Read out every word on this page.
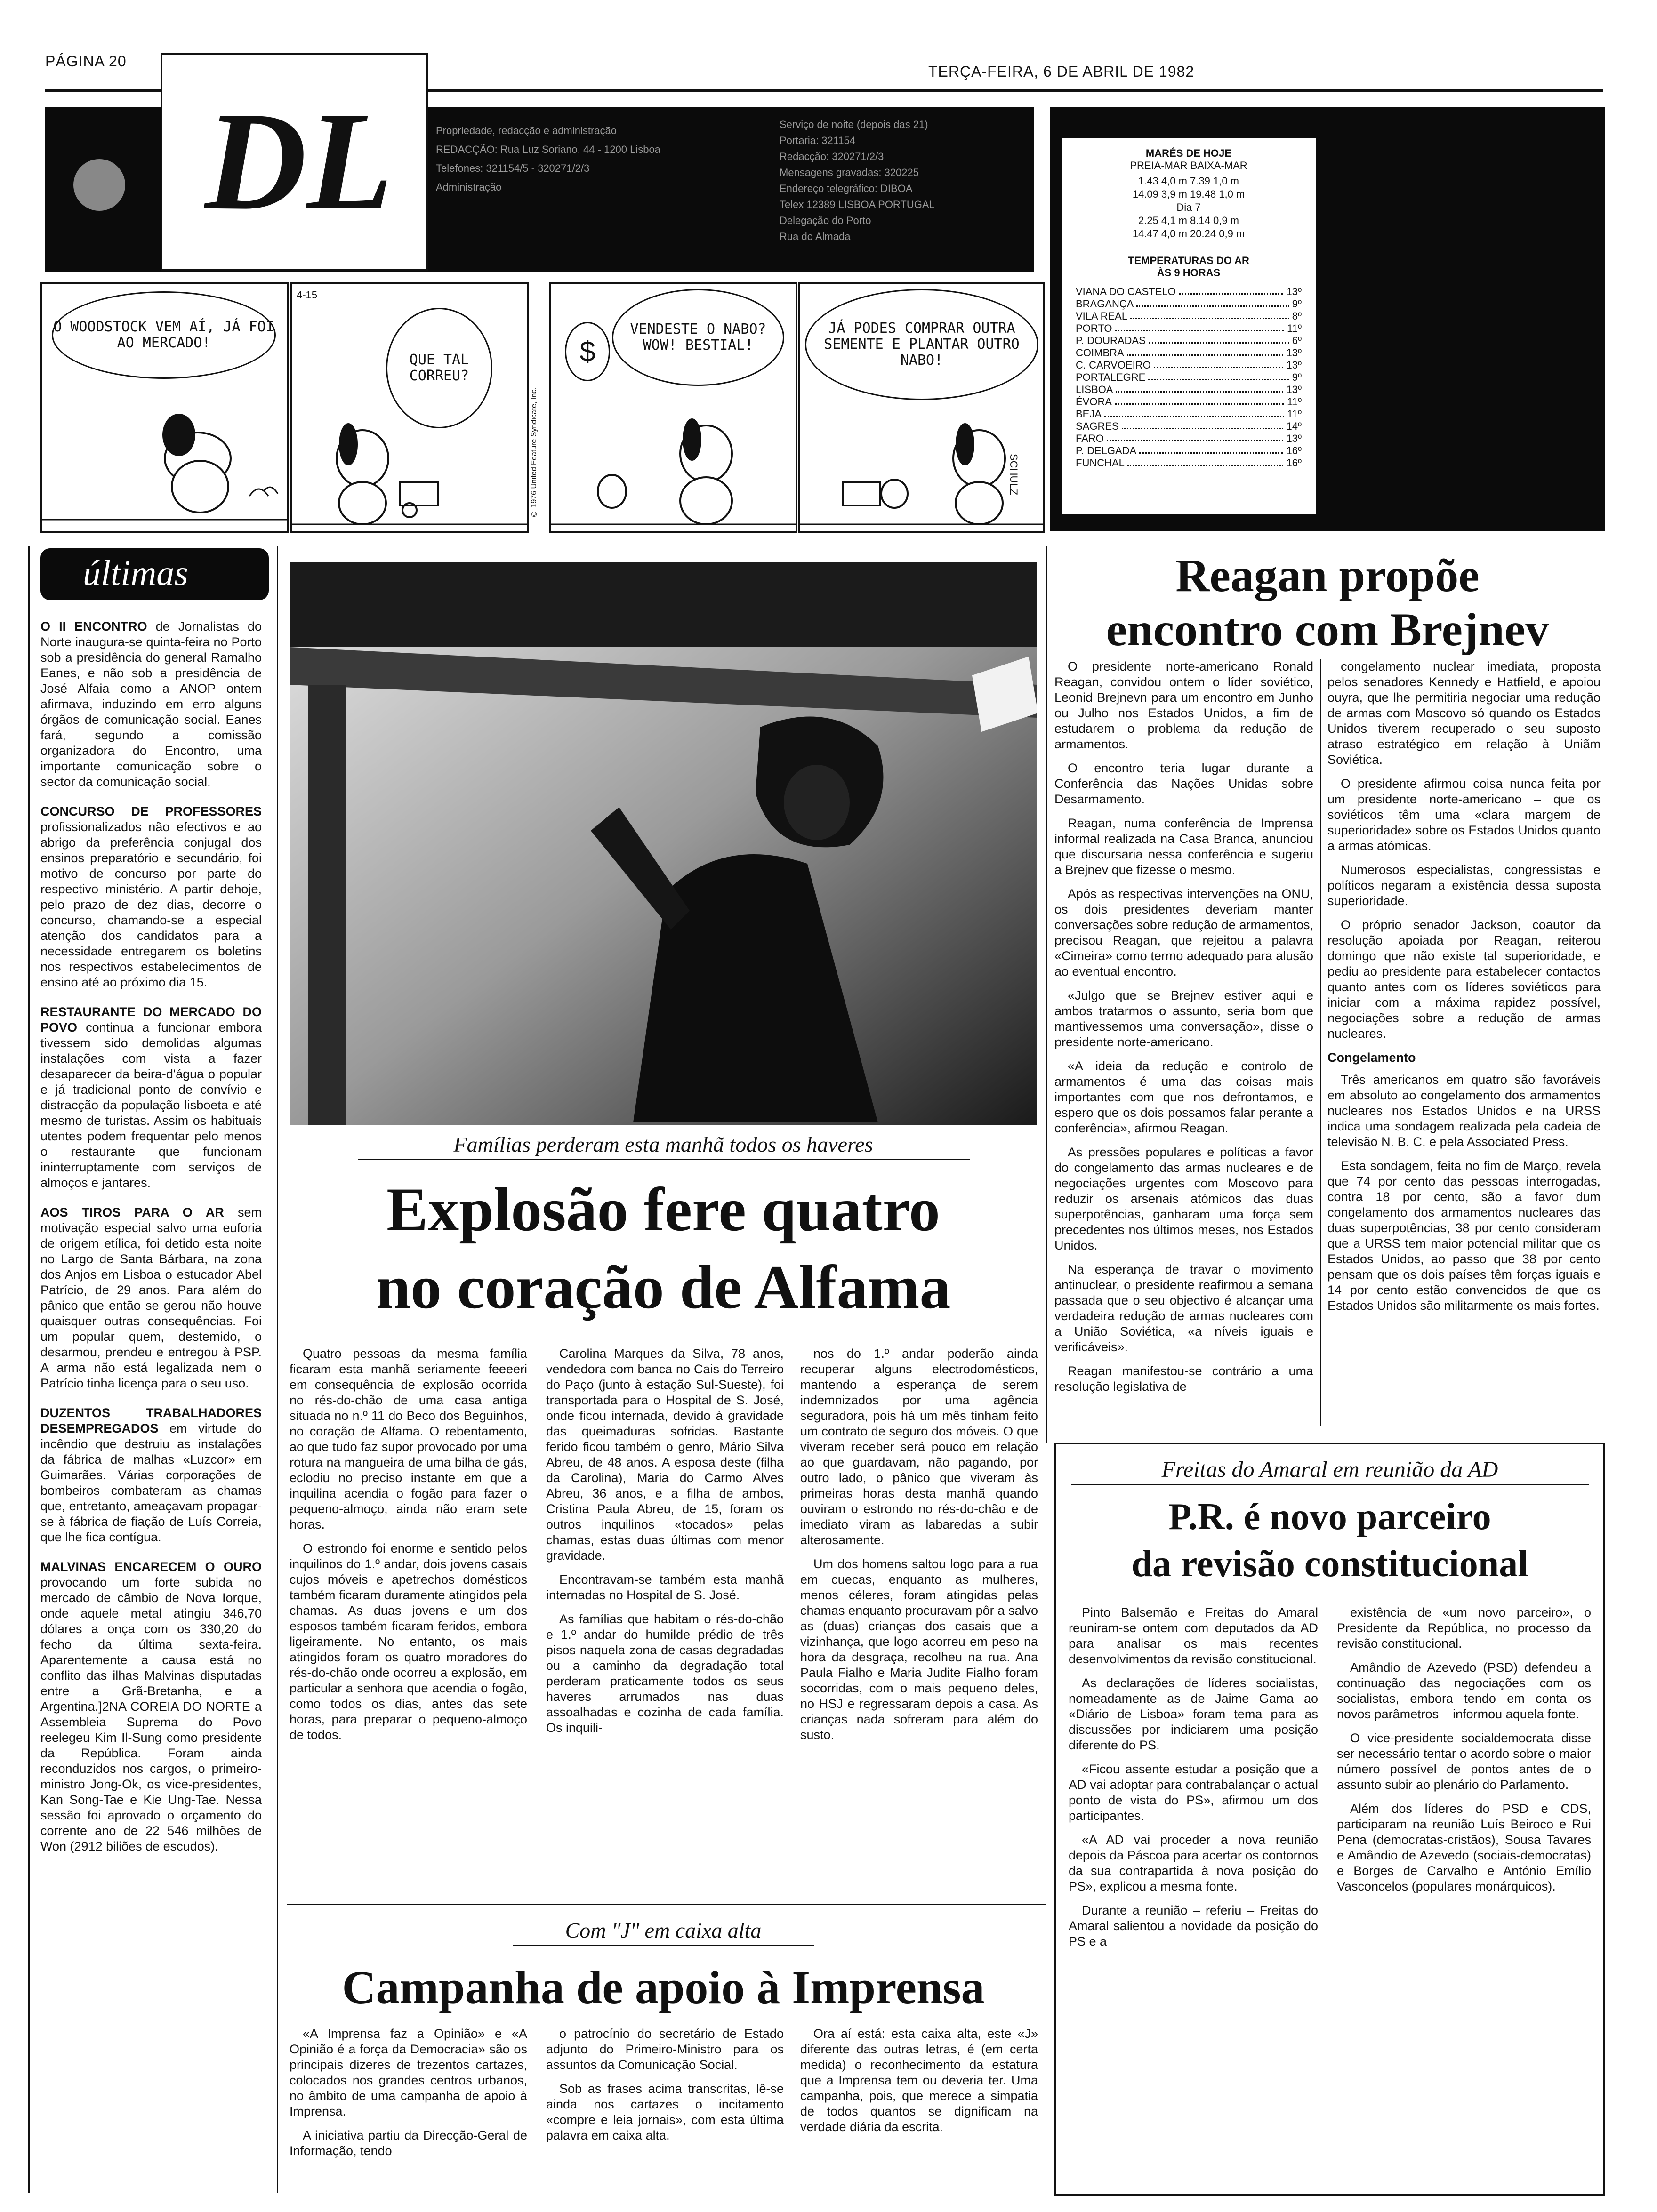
PÁGINA 20
TERÇA-FEIRA, 6 DE ABRIL DE 1982
DL	Propriedade, redacção e administração
REDACÇÃO: Rua Luz Soriano, 44 - 1200 Lisboa
Telefones: 321154/5 - 320271/2/3
Administração
Serviço de noite (depois das 21)
Portaria: 321154
Redacção: 320271/2/3
Mensagens gravadas: 320225
Endereço telegráfico: DIBOA
Telex 12389 LISBOA PORTUGAL
Delegação do Porto
Rua do Almada
O WOODSTOCK VEM AÍ, JÁ FOI AO MERCADO!
4-15
QUE TAL CORREU?
© 1976 United Feature Syndicate, Inc.
VENDESTE O NABO? WOW! BESTIAL!
$
JÁ PODES COMPRAR OUTRA SEMENTE E PLANTAR OUTRO NABO!
SCHULZ
MARÉS DE HOJE
PREIA-MAR BAIXA-MAR
1.43 4,0 m 7.39 1,0 m
14.09 3,9 m 19.48 1,0 m
Dia 7
2.25 4,1 m 8.14 0,9 m
14.47 4,0 m 20.24 0,9 m
TEMPERATURAS DO AR
ÀS 9 HORAS
VIANA DO CASTELO	13º
BRAGANÇA	9º
VILA REAL	8º
PORTO	11º
P. DOURADAS	6º
COIMBRA	13º
C. CARVOEIRO	13º
PORTALEGRE	9º
LISBOA	13º
ÉVORA	11º
BEJA	11º
SAGRES	14º
FARO	13º
P. DELGADA	16º
FUNCHAL	16º
últimas
O II ENCONTRO de Jornalistas do Norte inaugura-se quinta-feira no Porto sob a presidência do general Ramalho Eanes, e não sob a presidência de José Alfaia como a ANOP ontem afirmava, induzindo em erro alguns órgãos de comunicação social. Eanes fará, segundo a comissão organizadora do Encontro, uma importante comunicação sobre o sector da comunicação social.
CONCURSO DE PROFESSORES profissionalizados não efectivos e ao abrigo da preferência conjugal dos ensinos preparatório e secundário, foi motivo de concurso por parte do respectivo ministério. A partir dehoje, pelo prazo de dez dias, decorre o concurso, chamando-se a especial atenção dos candidatos para a necessidade entregarem os boletins nos respectivos estabelecimentos de ensino até ao próximo dia 15.
RESTAURANTE DO MERCADO DO POVO continua a funcionar embora tivessem sido demolidas algumas instalações com vista a fazer desaparecer da beira-d'água o popular e já tradicional ponto de convívio e distracção da população lisboeta e até mesmo de turistas. Assim os habituais utentes podem frequentar pelo menos o restaurante que funcionam ininterruptamente com serviços de almoços e jantares.
AOS TIROS PARA O AR sem motivação especial salvo uma euforia de origem etílica, foi detido esta noite no Largo de Santa Bárbara, na zona dos Anjos em Lisboa o estucador Abel Patrício, de 29 anos. Para além do pânico que então se gerou não houve quaisquer outras consequências. Foi um popular quem, destemido, o desarmou, prendeu e entregou à PSP. A arma não está legalizada nem o Patrício tinha licença para o seu uso.
DUZENTOS TRABALHADORES DESEMPREGADOS em virtude do incêndio que destruiu as instalações da fábrica de malhas «Luzcor» em Guimarães. Várias corporações de bombeiros combateram as chamas que, entretanto, ameaçavam propagar-se à fábrica de fiação de Luís Correia, que lhe fica contígua.
MALVINAS ENCARECEM O OURO provocando um forte subida no mercado de câmbio de Nova Iorque, onde aquele metal atingiu 346,70 dólares a onça com os 330,20 do fecho da última sexta-feira. Aparentemente a causa está no conflito das ilhas Malvinas disputadas entre a Grã-Bretanha, e a Argentina.]2NA COREIA DO NORTE a Assembleia Suprema do Povo reelegeu Kim Il-Sung como presidente da República. Foram ainda reconduzidos nos cargos, o primeiro-ministro Jong-Ok, os vice-presidentes, Kan Song-Tae e Kie Ung-Tae. Nessa sessão foi aprovado o orçamento do corrente ano de 22 546 milhões de Won (2912 biliões de escudos).
Famílias perderam esta manhã todos os haveres
Explosão fere quatro
no coração de Alfama

Quatro pessoas da mesma família ficaram esta manhã seriamente feeeeri em consequência de explosão ocorrida no rés-do-chão de uma casa antiga situada no n.º 11 do Beco dos Beguinhos, no coração de Alfama. O rebentamento, ao que tudo faz supor provocado por uma rotura na mangueira de uma bilha de gás, eclodiu no preciso instante em que a inquilina acendia o fogão para fazer o pequeno-almoço, ainda não eram sete horas.

O estrondo foi enorme e sentido pelos inquilinos do 1.º andar, dois jovens casais cujos móveis e apetrechos domésticos também ficaram duramente atingidos pela chamas. As duas jovens e um dos esposos também ficaram feridos, embora ligeiramente. No entanto, os mais atingidos foram os quatro moradores do rés-do-chão onde ocorreu a explosão, em particular a senhora que acendia o fogão, como todos os dias, antes das sete horas, para preparar o pequeno-almoço de todos.

Carolina Marques da Silva, 78 anos, vendedora com banca no Cais do Terreiro do Paço (junto à estação Sul-Sueste), foi transportada para o Hospital de S. José, onde ficou internada, devido à gravidade das queimaduras sofridas. Bastante ferido ficou também o genro, Mário Silva Abreu, de 48 anos. A esposa deste (filha da Carolina), Maria do Carmo Alves Abreu, 36 anos, e a filha de ambos, Cristina Paula Abreu, de 15, foram os outros inquilinos «tocados» pelas chamas, estas duas últimas com menor gravidade.

Encontravam-se também esta manhã internadas no Hospital de S. José.

As famílias que habitam o rés-do-chão e 1.º andar do humilde prédio de três pisos naquela zona de casas degradadas ou a caminho da degradação total perderam praticamente todos os seus haveres arrumados nas duas assoalhadas e cozinha de cada família. Os inquili-

nos do 1.º andar poderão ainda recuperar alguns electrodomésticos, mantendo a esperança de serem indemnizados por uma agência seguradora, pois há um mês tinham feito um contrato de seguro dos móveis. O que viveram receber será pouco em relação ao que guardavam, não pagando, por outro lado, o pânico que viveram às primeiras horas desta manhã quando ouviram o estrondo no rés-do-chão e de imediato viram as labaredas a subir alterosamente.

Um dos homens saltou logo para a rua em cuecas, enquanto as mulheres, menos céleres, foram atingidas pelas chamas enquanto procuravam pôr a salvo as (duas) crianças dos casais que a vizinhança, que logo acorreu em peso na hora da desgraça, recolheu na rua. Ana Paula Fialho e Maria Judite Fialho foram socorridas, com o mais pequeno deles, no HSJ e regressaram depois a casa. As crianças nada sofreram para além do susto.

Com "J" em caixa alta
Campanha de apoio à Imprensa

«A Imprensa faz a Opinião» e «A Opinião é a força da Democracia» são os principais dizeres de trezentos cartazes, colocados nos grandes centros urbanos, no âmbito de uma campanha de apoio à Imprensa.

A iniciativa partiu da Direcção-Geral de Informação, tendo

o patrocínio do secretário de Estado adjunto do Primeiro-Ministro para os assuntos da Comunicação Social.

Sob as frases acima transcritas, lê-se ainda nos cartazes o incitamento «compre e leia jornais», com esta última palavra em caixa alta.

Ora aí está: esta caixa alta, este «J» diferente das outras letras, é (em certa medida) o reconhecimento da estatura que a Imprensa tem ou deveria ter. Uma campanha, pois, que merece a simpatia de todos quantos se dignificam na verdade diária da escrita.

Reagan propõe
encontro com Brejnev

O presidente norte-americano Ronald Reagan, convidou ontem o líder soviético, Leonid Brejnevn para um encontro em Junho ou Julho nos Estados Unidos, a fim de estudarem o problema da redução de armamentos.

O encontro teria lugar durante a Conferência das Nações Unidas sobre Desarmamento.

Reagan, numa conferência de Imprensa informal realizada na Casa Branca, anunciou que discursaria nessa conferência e sugeriu a Brejnev que fizesse o mesmo.

Após as respectivas intervenções na ONU, os dois presidentes deveriam manter conversações sobre redução de armamentos, precisou Reagan, que rejeitou a palavra «Cimeira» como termo adequado para alusão ao eventual encontro.

«Julgo que se Brejnev estiver aqui e ambos tratarmos o assunto, seria bom que mantivessemos uma conversação», disse o presidente norte-americano.

«A ideia da redução e controlo de armamentos é uma das coisas mais importantes com que nos defrontamos, e espero que os dois possamos falar perante a conferência», afirmou Reagan.

As pressões populares e políticas a favor do congelamento das armas nucleares e de negociações urgentes com Moscovo para reduzir os arsenais atómicos das duas superpotências, ganharam uma força sem precedentes nos últimos meses, nos Estados Unidos.

Na esperança de travar o movimento antinuclear, o presidente reafirmou a semana passada que o seu objectivo é alcançar uma verdadeira redução de armas nucleares com a União Soviética, «a níveis iguais e verificáveis».

Reagan manifestou-se contrário a uma resolução legislativa de

congelamento nuclear imediata, proposta pelos senadores Kennedy e Hatfield, e apoiou ouyra, que lhe permitiria negociar uma redução de armas com Moscovo só quando os Estados Unidos tiverem recuperado o seu suposto atraso estratégico em relação à Uniãm Soviética.

O presidente afirmou coisa nunca feita por um presidente norte-americano – que os soviéticos têm uma «clara margem de superioridade» sobre os Estados Unidos quanto a armas atómicas.

Numerosos especialistas, congressistas e políticos negaram a existência dessa suposta superioridade.

O próprio senador Jackson, coautor da resolução apoiada por Reagan, reiterou domingo que não existe tal superioridade, e pediu ao presidente para estabelecer contactos quanto antes com os líderes soviéticos para iniciar com a máxima rapidez possível, negociações sobre a redução de armas nucleares.

Congelamento

Três americanos em quatro são favoráveis em absoluto ao congelamento dos armamentos nucleares nos Estados Unidos e na URSS indica uma sondagem realizada pela cadeia de televisão N. B. C. e pela Associated Press.

Esta sondagem, feita no fim de Março, revela que 74 por cento das pessoas interrogadas, contra 18 por cento, são a favor dum congelamento dos armamentos nucleares das duas superpotências, 38 por cento consideram que a URSS tem maior potencial militar que os Estados Unidos, ao passo que 38 por cento pensam que os dois países têm forças iguais e 14 por cento estão convencidos de que os Estados Unidos são militarmente os mais fortes.

Freitas do Amaral em reunião da AD
P.R. é novo parceiro
da revisão constitucional

Pinto Balsemão e Freitas do Amaral reuniram-se ontem com deputados da AD para analisar os mais recentes desenvolvimentos da revisão constitucional.

As declarações de líderes socialistas, nomeadamente as de Jaime Gama ao «Diário de Lisboa» foram tema para as discussões por indiciarem uma posição diferente do PS.

«Ficou assente estudar a posição que a AD vai adoptar para contrabalançar o actual ponto de vista do PS», afirmou um dos participantes.

«A AD vai proceder a nova reunião depois da Páscoa para acertar os contornos da sua contrapartida à nova posição do PS», explicou a mesma fonte.

Durante a reunião – referiu – Freitas do Amaral salientou a novidade da posição do PS e a

existência de «um novo parceiro», o Presidente da República, no processo da revisão constitucional.

Amândio de Azevedo (PSD) defendeu a continuação das negociações com os socialistas, embora tendo em conta os novos parâmetros – informou aquela fonte.

O vice-presidente socialdemocrata disse ser necessário tentar o acordo sobre o maior número possível de pontos antes de o assunto subir ao plenário do Parlamento.

Além dos líderes do PSD e CDS, participaram na reunião Luís Beiroco e Rui Pena (democratas-cristãos), Sousa Tavares e Amândio de Azevedo (sociais-democratas) e Borges de Carvalho e António Emílio Vasconcelos (populares monárquicos).
